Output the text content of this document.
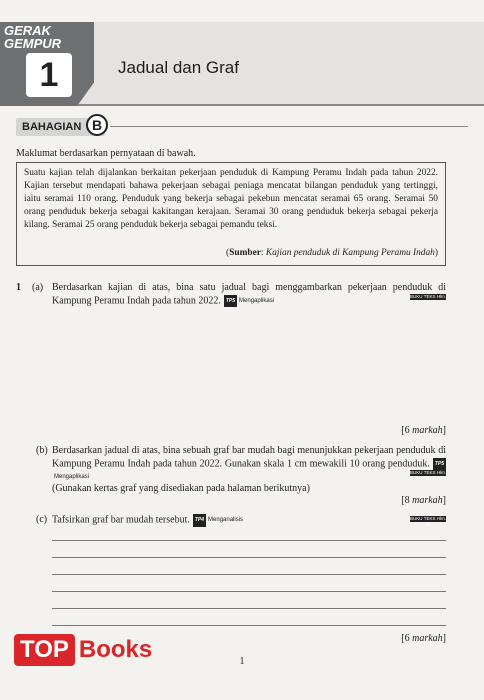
GERAK
GEMPUR
1	Jadual dan Graf
BAHAGIAN B
Maklumat berdasarkan pernyataan di bawah.
Suatu kajian telah dijalankan berkaitan pekerjaan penduduk di Kampung Peramu Indah pada tahun 2022. Kajian tersebut mendapati bahawa pekerjaan sebagai peniaga mencatat bilangan penduduk yang tertinggi, iaitu seramai 110 orang. Penduduk yang bekerja sebagai pekebun mencatat seramai 65 orang. Seramai 50 orang penduduk bekerja sebagai kakitangan kerajaan. Seramai 30 orang penduduk bekerja sebagai pekerja kilang. Seramai 25 orang penduduk bekerja sebagai pemandu teksi.
(Sumber: Kajian penduduk di Kampung Peramu Indah)
1 (a) Berdasarkan kajian di atas, bina satu jadual bagi menggambarkan pekerjaan penduduk di Kampung Peramu Indah pada tahun 2022. TP5 Mengaplikasi
BUKU TEKS Hlm. 9
[6 markah]
(b) Berdasarkan jadual di atas, bina sebuah graf bar mudah bagi menunjukkan pekerjaan penduduk di Kampung Peramu Indah pada tahun 2022. Gunakan skala 1 cm mewakili 10 orang penduduk. TP5Mengaplikasi
BUKU TEKS Hlm. 10
(Gunakan kertas graf yang disediakan pada halaman berikutnya)
[8 markah]
(c) Tafsirkan graf bar mudah tersebut. TP4 Menganalisis	BUKU TEKS Hlm. 11
[6 markah]
TOP Books	1
